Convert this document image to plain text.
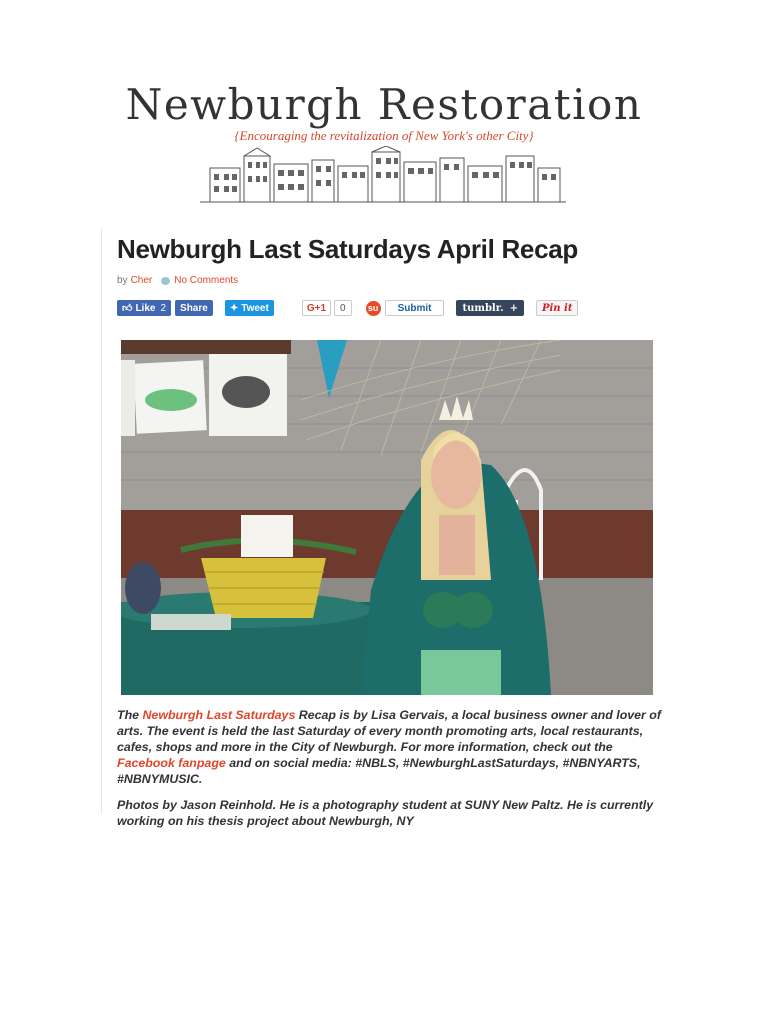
Newburgh Restoration
{Encouraging the revitalization of New York's other City}
Newburgh Last Saturdays April Recap
by Cher No Comments
👍︎ Like 2	Share	✦ Tweet	G+1	0	su	Submit	tumblr. +	Pin it

The Newburgh Last Saturdays Recap is by Lisa Gervais, a local business owner and lover of arts. The event is held the last Saturday of every month promoting arts, local restaurants, cafes, shops and more in the City of Newburgh. For more information, check out the Facebook fanpage and on social media: #NBLS, #NewburghLastSaturdays, #NBNYARTS, #NBNYMUSIC.

Photos by Jason Reinhold. He is a photography student at SUNY New Paltz. He is currently working on his thesis project about Newburgh, NY
